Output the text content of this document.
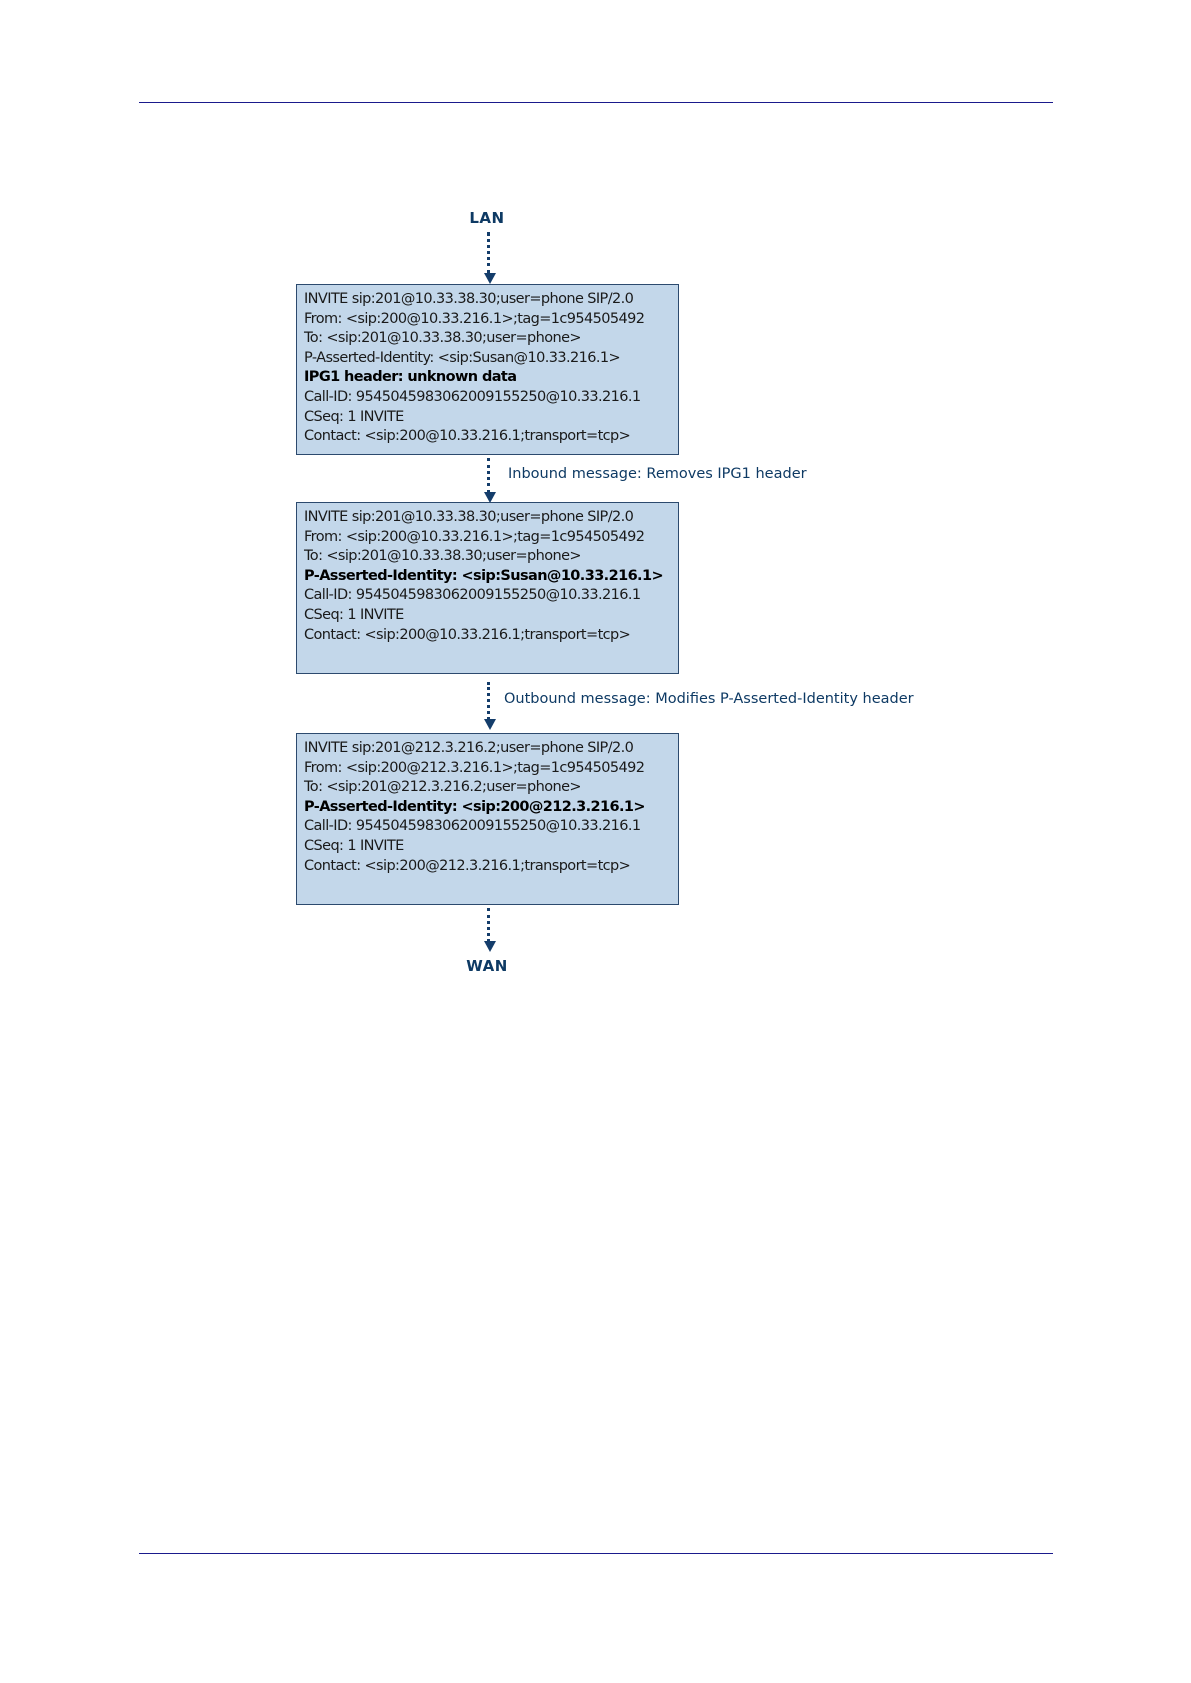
LAN
INVITE sip:201@10.33.38.30;user=phone SIP/2.0
From: <sip:200@10.33.216.1>;tag=1c954505492
To: <sip:201@10.33.38.30;user=phone>
P-Asserted-Identity: <sip:Susan@10.33.216.1>
IPG1 header: unknown data
Call-ID: 954504598306200915525​0@10.33.216.1
CSeq: 1 INVITE
Contact: <sip:200@10.33.216.1;transport=tcp>
Inbound message: Removes IPG1 header
INVITE sip:201@10.33.38.30;user=phone SIP/2.0
From: <sip:200@10.33.216.1>;tag=1c954505492
To: <sip:201@10.33.38.30;user=phone>
P-Asserted-Identity: <sip:Susan@10.33.216.1>
Call-ID: 954504598306200915525​0@10.33.216.1
CSeq: 1 INVITE
Contact: <sip:200@10.33.216.1;transport=tcp>
Outbound message: Modifies P-Asserted-Identity header
INVITE sip:201@212.3.216.2;user=phone SIP/2.0
From: <sip:200@212.3.216.1>;tag=1c954505492
To: <sip:201@212.3.216.2;user=phone>
P-Asserted-Identity: <sip:200@212.3.216.1>
Call-ID: 954504598306200915525​0@10.33.216.1
CSeq: 1 INVITE
Contact: <sip:200@212.3.216.1;transport=tcp>
WAN
